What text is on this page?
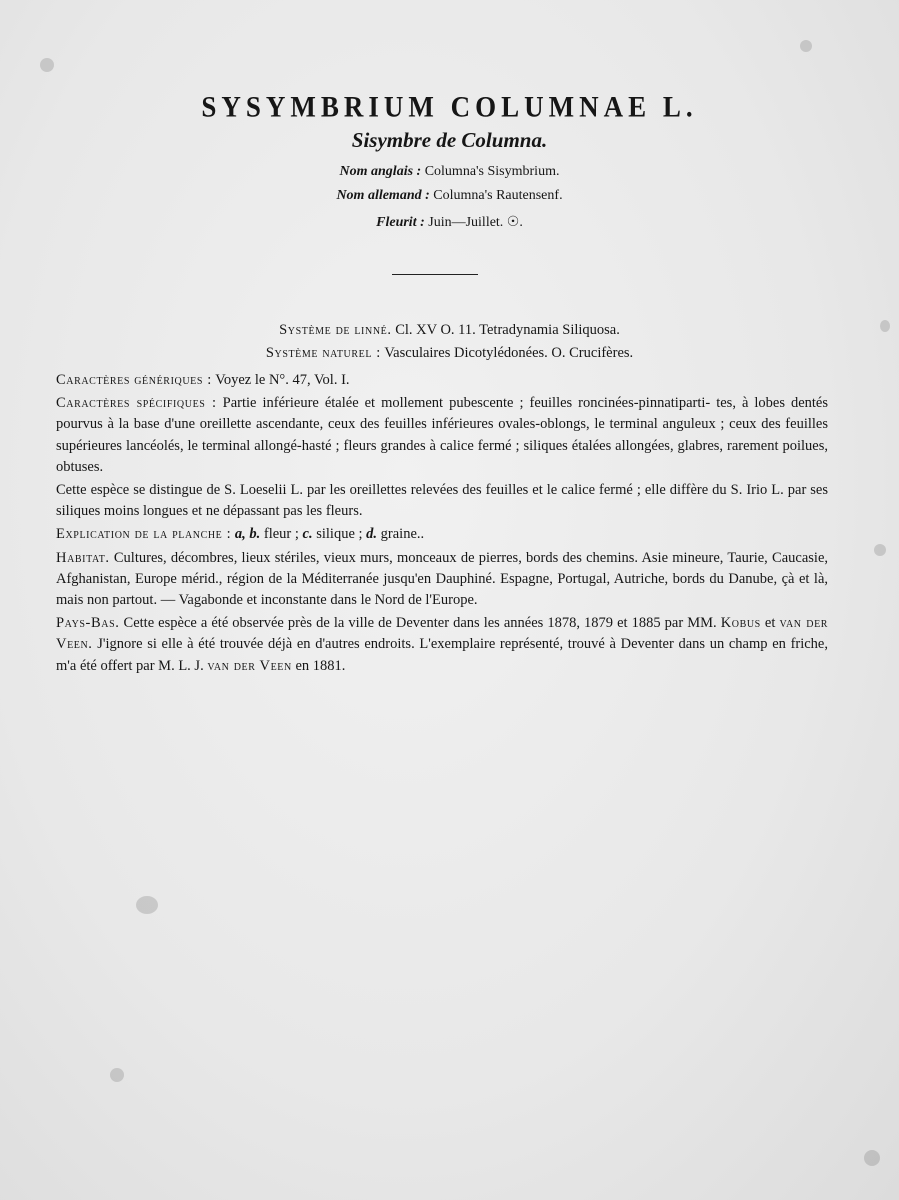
SYSYMBRIUM COLUMNAE L.
Sisymbre de Columna.
Nom anglais : Columna's Sisymbrium.
Nom allemand : Columna's Rautensenf.
Fleurit : Juin—Juillet. ☉.
Système de linné. Cl. XV O. 11. Tetradynamia Siliquosa.
Système naturel : Vasculaires Dicotylédonées. O. Crucifères.

Caractères génériques : Voyez le N°. 47, Vol. I.

Caractères spécifiques : Partie inférieure étalée et mollement pubescente ; feuilles roncinées-pinnatiparti- tes, à lobes dentés pourvus à la base d'une oreillette ascendante, ceux des feuilles inférieures ovales-oblongs, le terminal anguleux ; ceux des feuilles supérieures lancéolés, le terminal allongé-hasté ; fleurs grandes à calice fermé ; siliques étalées allongées, glabres, rarement poilues, obtuses.

Cette espèce se distingue de S. Loeselii L. par les oreillettes relevées des feuilles et le calice fermé ; elle diffère du S. Irio L. par ses siliques moins longues et ne dépassant pas les fleurs.

Explication de la planche : a, b. fleur ; c. silique ; d. graine..

Habitat. Cultures, décombres, lieux stériles, vieux murs, monceaux de pierres, bords des chemins. Asie mineure, Taurie, Caucasie, Afghanistan, Europe mérid., région de la Méditerranée jusqu'en Dauphiné. Espagne, Portugal, Autriche, bords du Danube, çà et là, mais non partout. — Vagabonde et inconstante dans le Nord de l'Europe.

Pays-Bas. Cette espèce a été observée près de la ville de Deventer dans les années 1878, 1879 et 1885 par MM. Kobus et van der Veen. J'ignore si elle à été trouvée déjà en d'autres endroits. L'exemplaire représenté, trouvé à Deventer dans un champ en friche, m'a été offert par M. L. J. van der Veen en 1881.
